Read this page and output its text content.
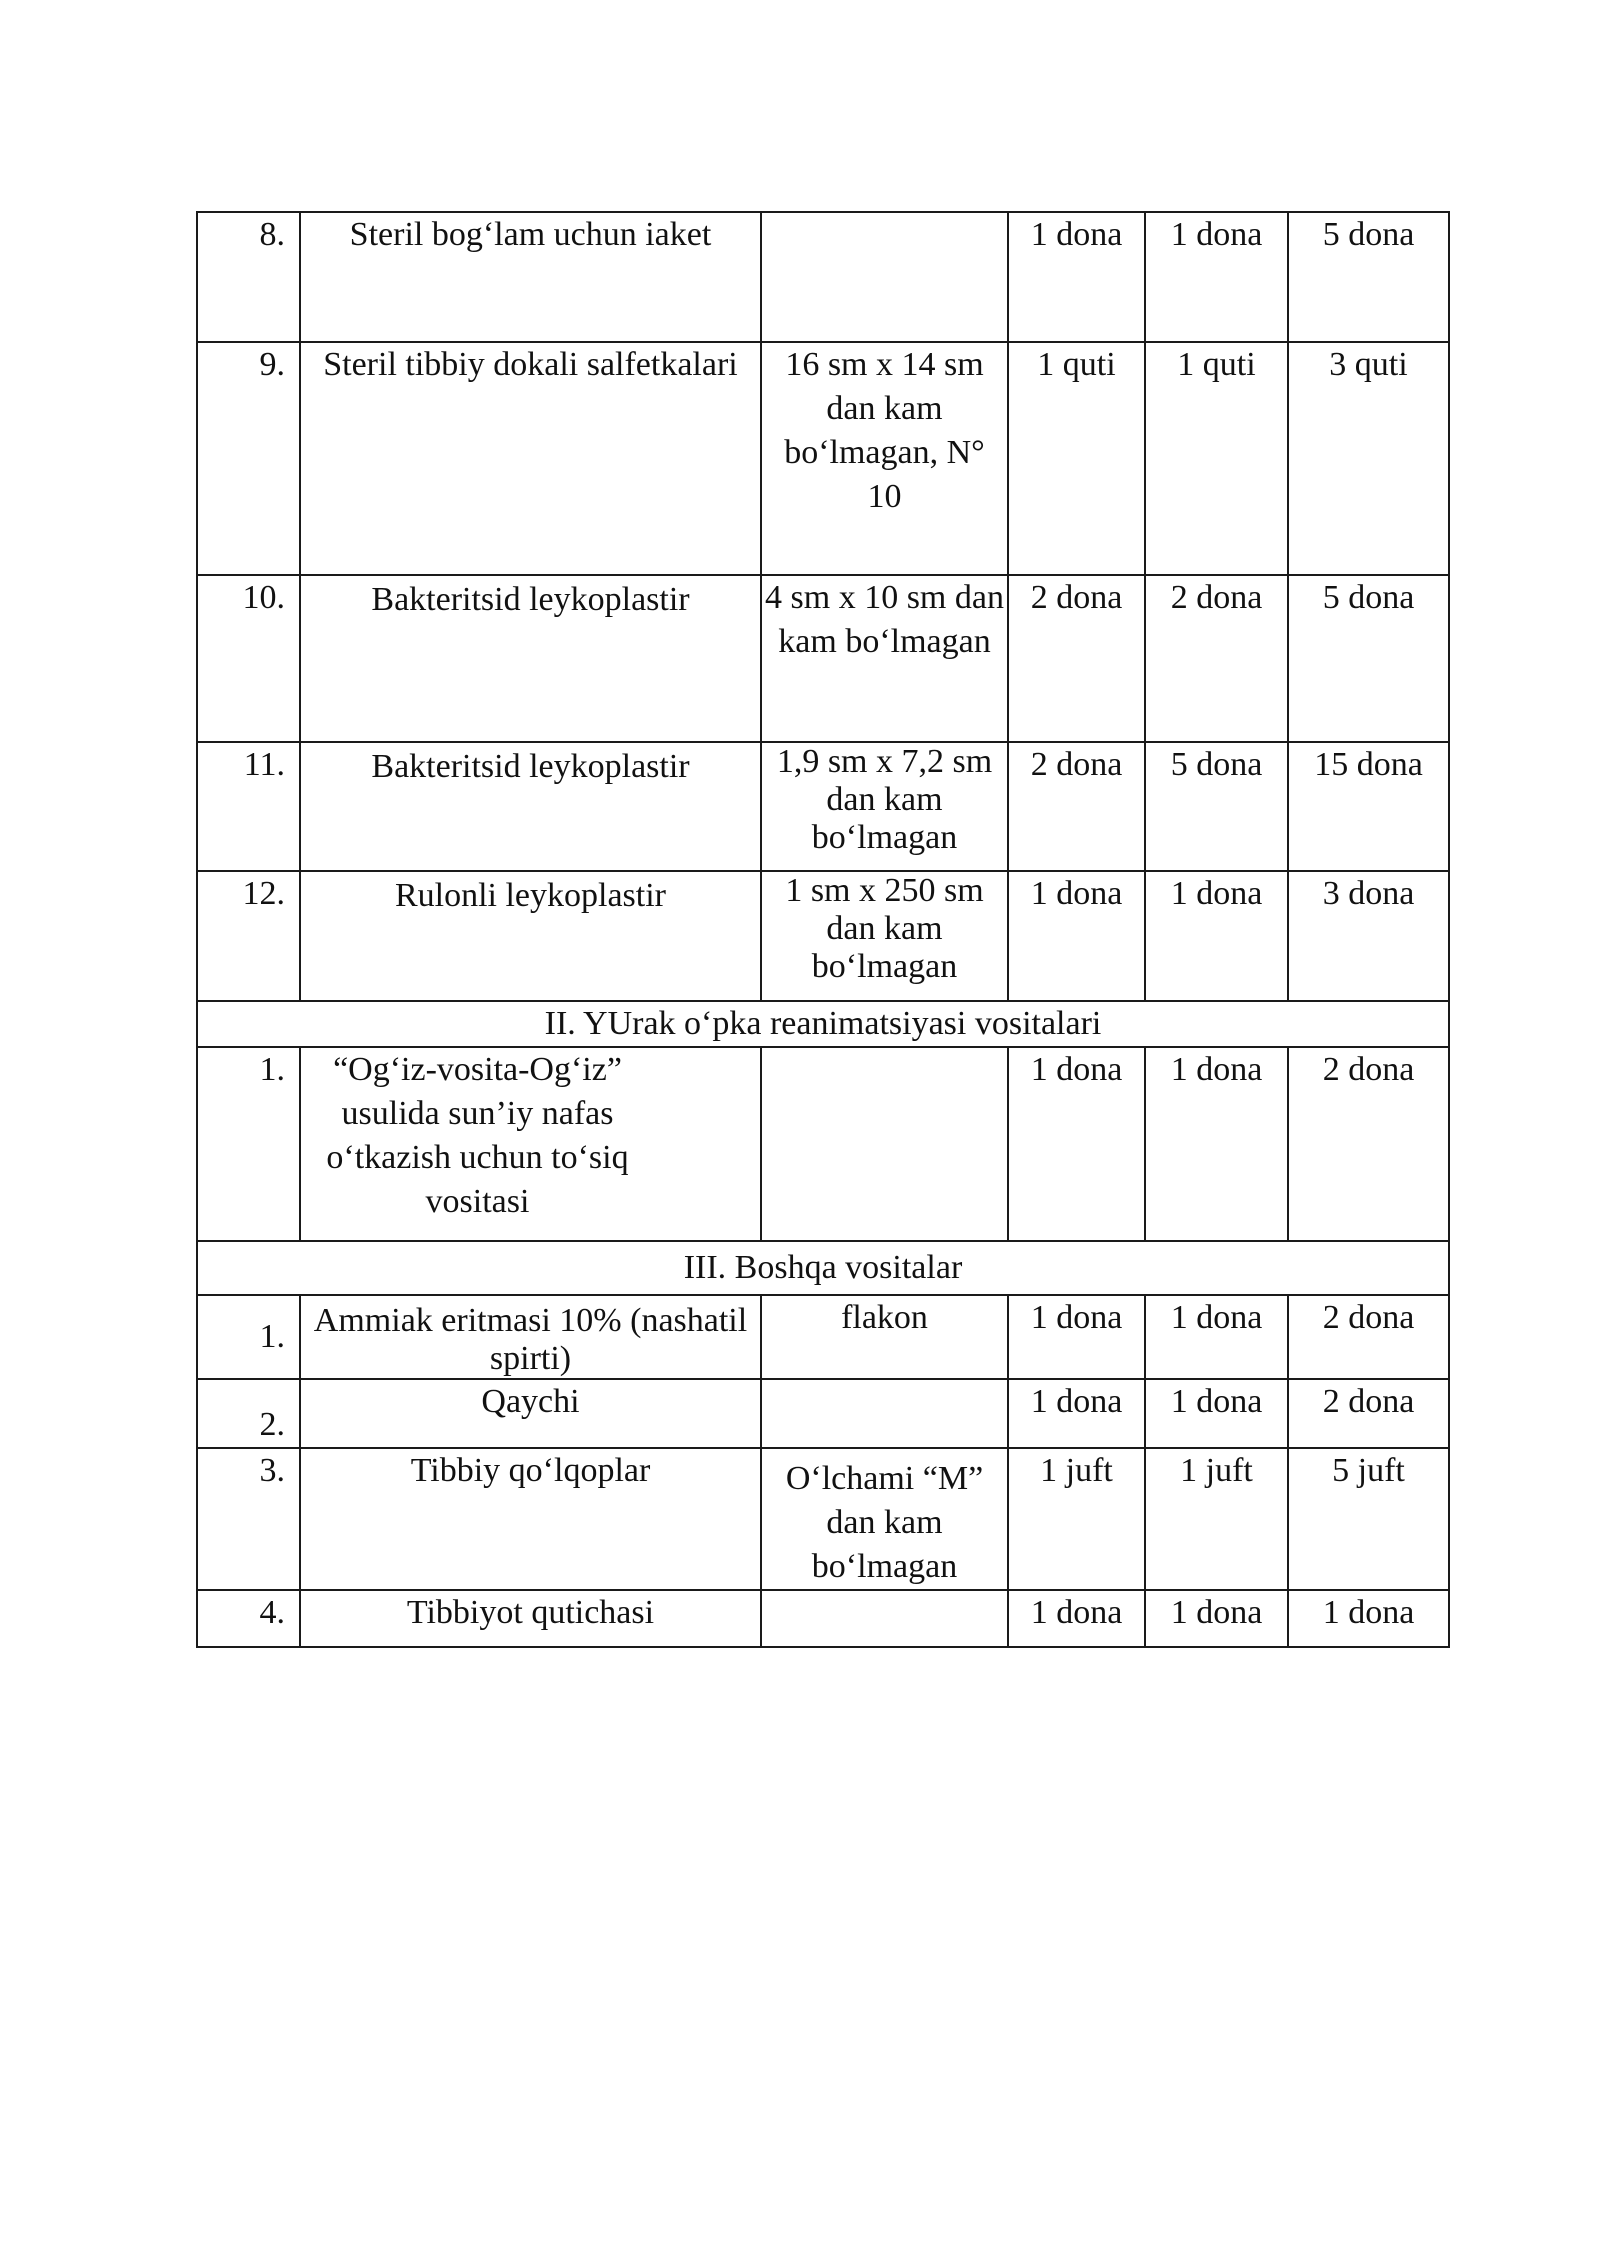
8.	Steril bog‘lam uchun iaket		1 dona	1 dona	5 dona
9.	Steril tibbiy dokali salfetkalari	16 sm x 14 sm dan kam bo‘lmagan, N° 10	1 quti	1 quti	3 quti
10.	Bakteritsid leykoplastir	4 sm x 10 sm dan kam bo‘lmagan	2 dona	2 dona	5 dona
11.	Bakteritsid leykoplastir	1,9 sm x 7,2 sm dan kam bo‘lmagan	2 dona	5 dona	15 dona
12.	Rulonli leykoplastir	1 sm x 250 sm dan kam bo‘lmagan	1 dona	1 dona	3 dona
II. YUrak o‘pka reanimatsiyasi vositalari					
1.	“Og‘iz-vosita-Og‘iz” usulida sun’iy nafas o‘tkazish uchun to‘siq vositasi		1 dona	1 dona	2 dona
III. Boshqa vositalar					
1.	Ammiak eritmasi 10% (nashatil spirti)	flakon	1 dona	1 dona	2 dona
2.	Qaychi		1 dona	1 dona	2 dona
3.	Tibbiy qo‘lqoplar	O‘lchami “M” dan kam bo‘lmagan	1 juft	1 juft	5 juft
4.	Tibbiyot qutichasi		1 dona	1 dona	1 dona
